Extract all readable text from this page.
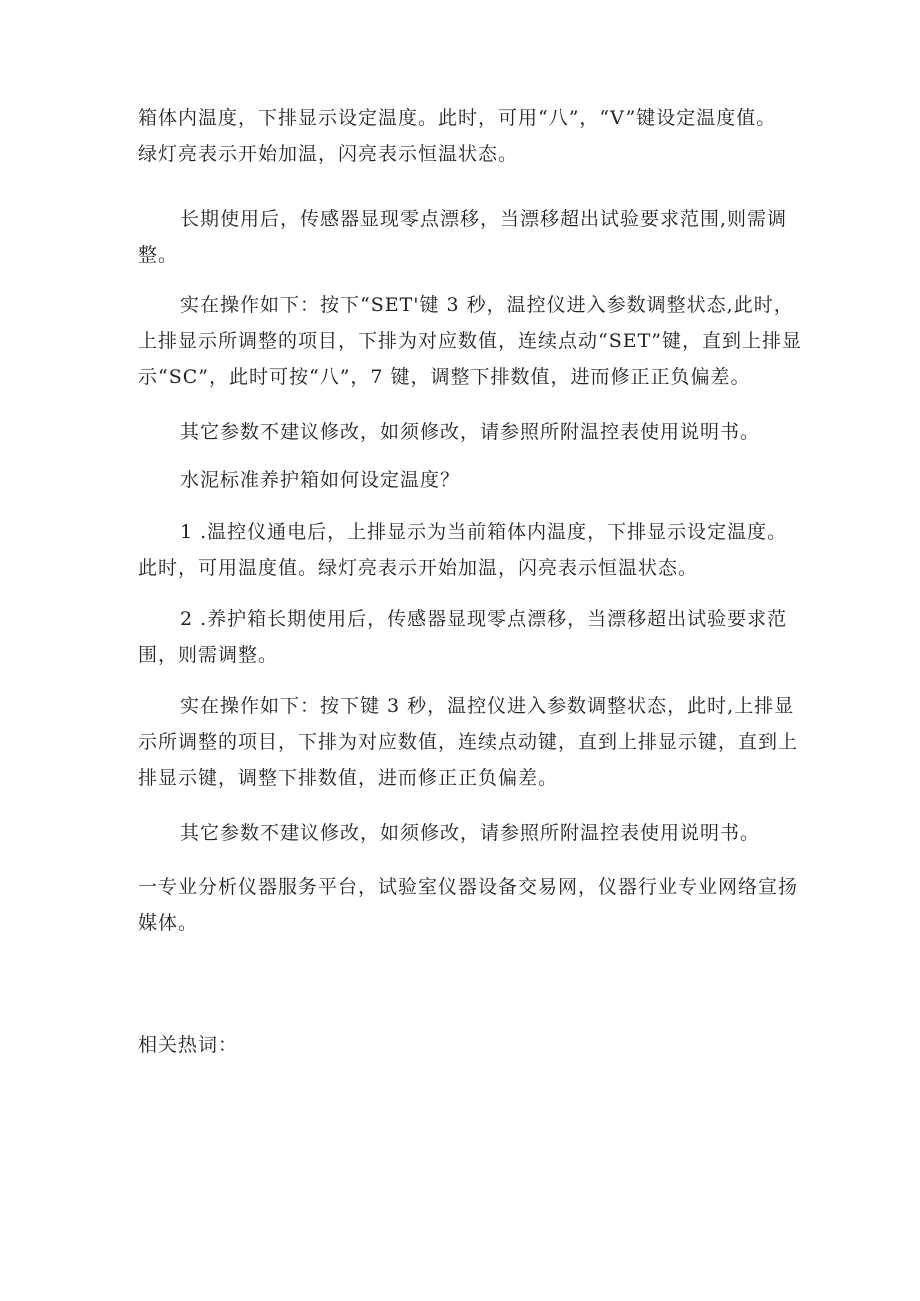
箱体内温度，下排显示设定温度。此时，可用“八”，“V”键设定温度值。
绿灯亮表示开始加温，闪亮表示恒温状态。
长期使用后，传感器显现零点漂移，当漂移超出试验要求范围,则需调
整。
实在操作如下：按下“SET'键 3 秒，温控仪进入参数调整状态,此时，
上排显示所调整的项目，下排为对应数值，连续点动“SET”键，直到上排显
示“SC”，此时可按“八”，7 键，调整下排数值，进而修正正负偏差。
其它参数不建议修改，如须修改，请参照所附温控表使用说明书。
水泥标准养护箱如何设定温度？
1 .温控仪通电后，上排显示为当前箱体内温度，下排显示设定温度。
此时，可用温度值。绿灯亮表示开始加温，闪亮表示恒温状态。
2 .养护箱长期使用后，传感器显现零点漂移，当漂移超出试验要求范
围，则需调整。
实在操作如下：按下键 3 秒，温控仪进入参数调整状态，此时,上排显
示所调整的项目，下排为对应数值，连续点动键，直到上排显示键，直到上
排显示键，调整下排数值，进而修正正负偏差。
其它参数不建议修改，如须修改，请参照所附温控表使用说明书。
一专业分析仪器服务平台，试验室仪器设备交易网，仪器行业专业网络宣扬
媒体。
相关热词：
